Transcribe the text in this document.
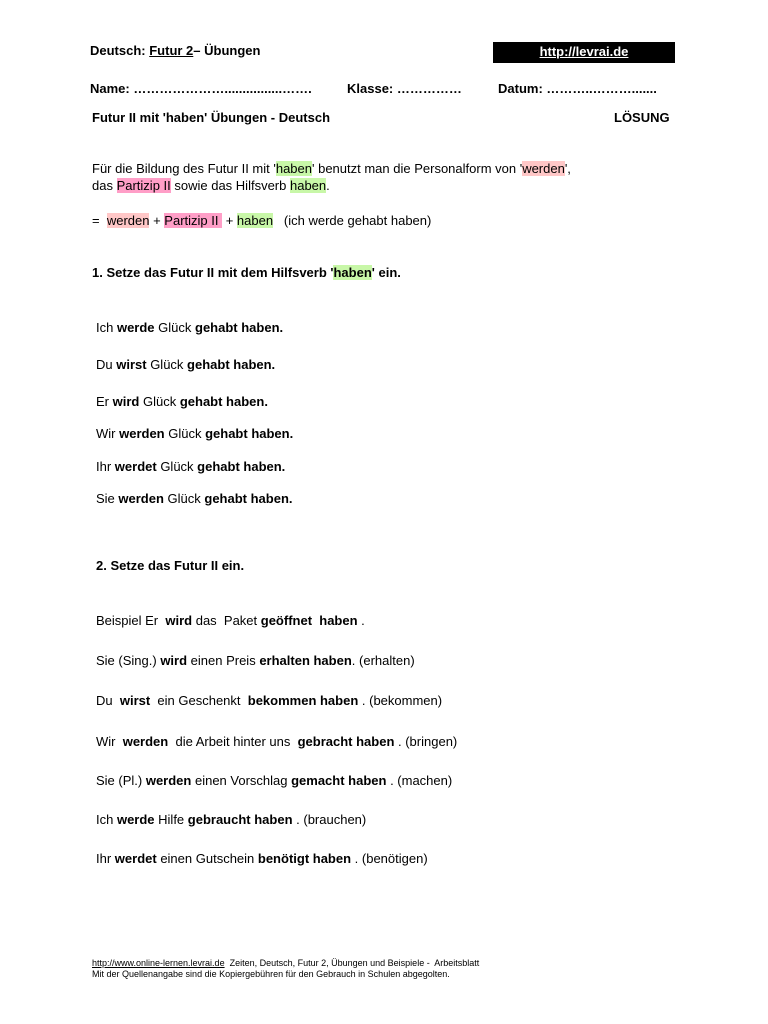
Deutsch: Futur 2– Übungen	http://levrai.de
Name: …………………................…….	Klasse: ……………	Datum: ………..……….......
Futur II mit 'haben' Übungen - Deutsch	LÖSUNG
Für die Bildung des Futur II mit 'haben' benutzt man die Personalform von 'werden',
das Partizip II sowie das Hilfsverb haben.
=  werden + Partizip II  + haben   (ich werde gehabt haben)
1. Setze das Futur II mit dem Hilfsverb 'haben' ein.
Ich werde Glück gehabt haben.
Du wirst Glück gehabt haben.
Er wird Glück gehabt haben.
Wir werden Glück gehabt haben.
Ihr werdet Glück gehabt haben.
Sie werden Glück gehabt haben.
2. Setze das Futur II ein.
Beispiel Er  wird das  Paket geöffnet  haben .
Sie (Sing.) wird einen Preis erhalten haben. (erhalten)
Du  wirst  ein Geschenkt  bekommen haben . (bekommen)
Wir  werden  die Arbeit hinter uns  gebracht haben . (bringen)
Sie (Pl.) werden einen Vorschlag gemacht haben . (machen)
Ich werde Hilfe gebraucht haben . (brauchen)
Ihr werdet einen Gutschein benötigt haben . (benötigen)
http://www.online-lernen.levrai.de  Zeiten, Deutsch, Futur 2, Übungen und Beispiele -  Arbeitsblatt
Mit der Quellenangabe sind die Kopiergebühren für den Gebrauch in Schulen abgegolten.
